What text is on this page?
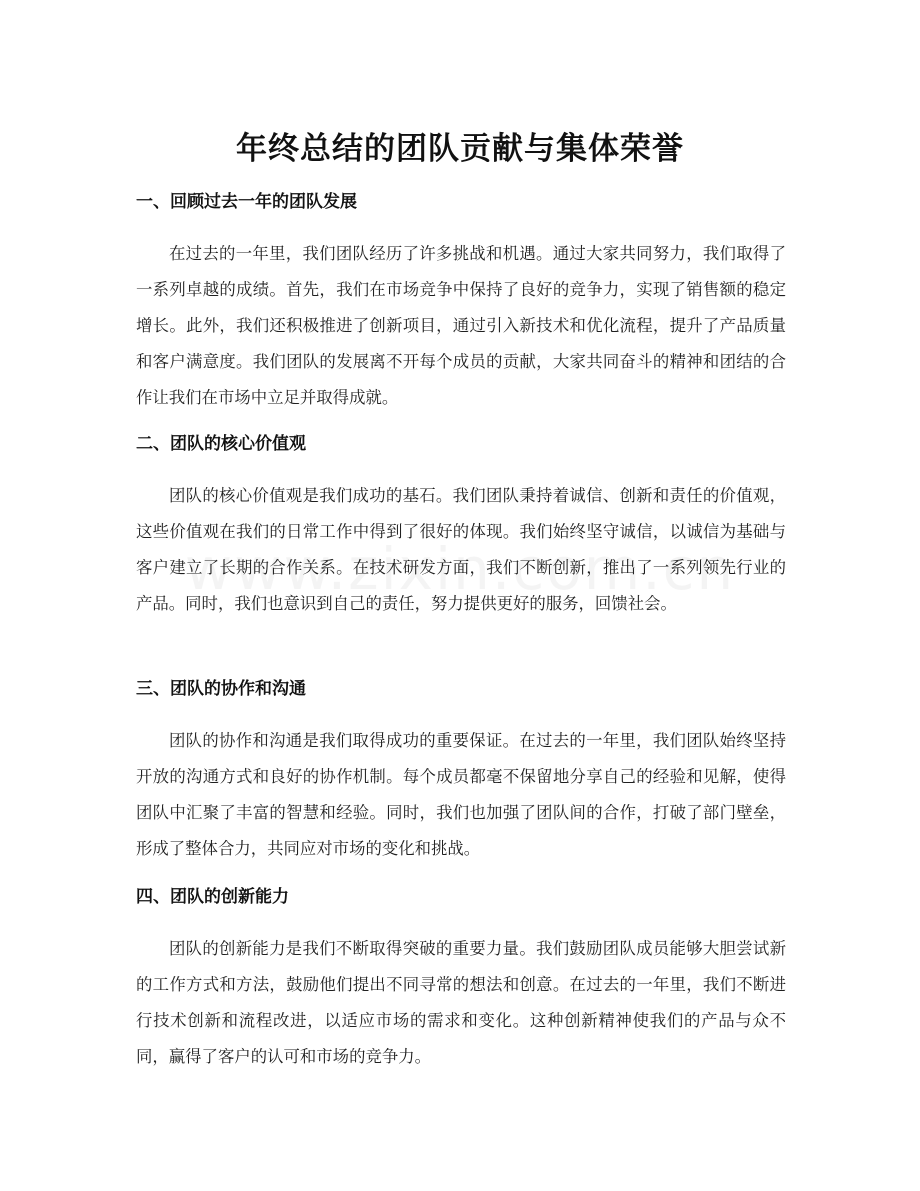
年终总结的团队贡献与集体荣誉
一、回顾过去一年的团队发展

在过去的一年里，我们团队经历了许多挑战和机遇。通过大家共同努力，我们取得了一系列卓越的成绩。首先，我们在市场竞争中保持了良好的竞争力，实现了销售额的稳定增长。此外，我们还积极推进了创新项目，通过引入新技术和优化流程，提升了产品质量和客户满意度。我们团队的发展离不开每个成员的贡献，大家共同奋斗的精神和团结的合作让我们在市场中立足并取得成就。

二、团队的核心价值观

团队的核心价值观是我们成功的基石。我们团队秉持着诚信、创新和责任的价值观，这些价值观在我们的日常工作中得到了很好的体现。我们始终坚守诚信，以诚信为基础与客户建立了长期的合作关系。在技术研发方面，我们不断创新，推出了一系列领先行业的产品。同时，我们也意识到自己的责任，努力提供更好的服务，回馈社会。

三、团队的协作和沟通

团队的协作和沟通是我们取得成功的重要保证。在过去的一年里，我们团队始终坚持开放的沟通方式和良好的协作机制。每个成员都毫不保留地分享自己的经验和见解，使得团队中汇聚了丰富的智慧和经验。同时，我们也加强了团队间的合作，打破了部门壁垒，形成了整体合力，共同应对市场的变化和挑战。

四、团队的创新能力

团队的创新能力是我们不断取得突破的重要力量。我们鼓励团队成员能够大胆尝试新的工作方式和方法，鼓励他们提出不同寻常的想法和创意。在过去的一年里，我们不断进行技术创新和流程改进，以适应市场的需求和变化。这种创新精神使我们的产品与众不同，赢得了客户的认可和市场的竞争力。
